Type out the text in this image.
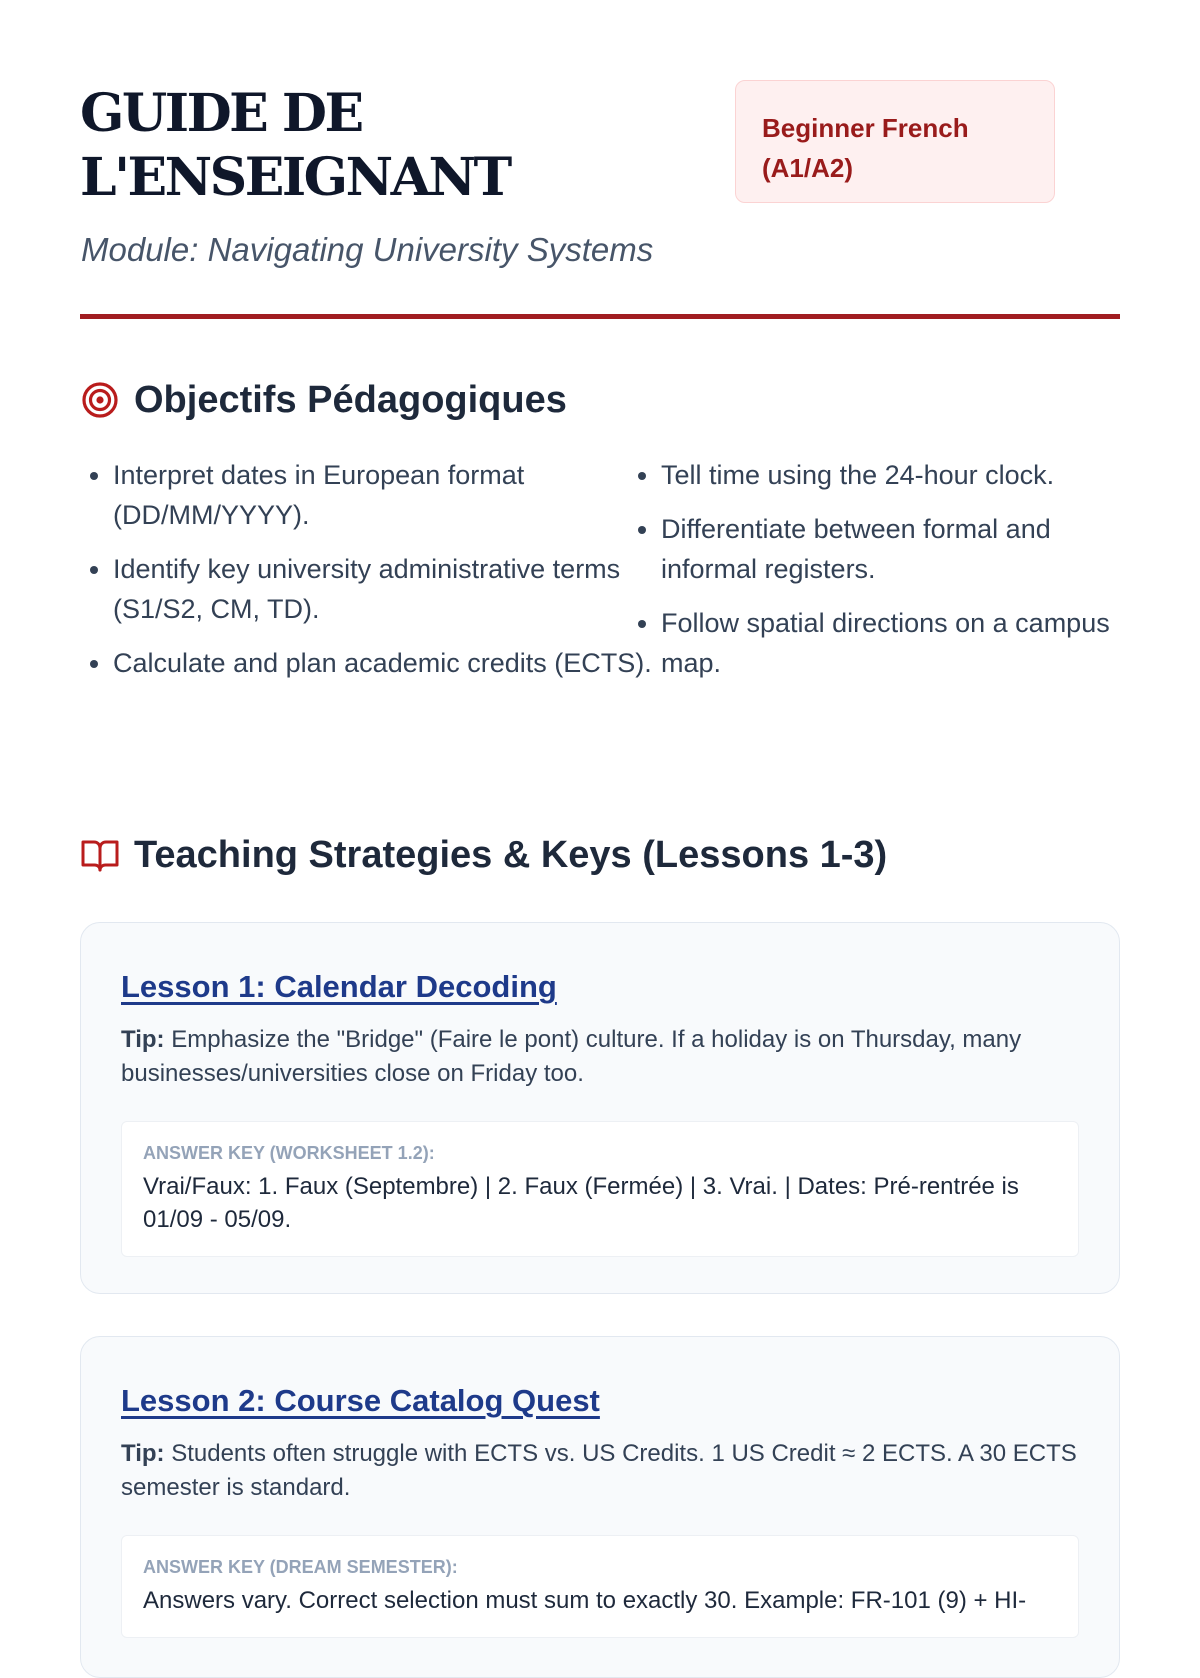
GUIDE DE
L'ENSEIGNANT

Module: Navigating University Systems

Beginner French (A1/A2)
Objectifs Pédagogiques
• Interpret dates in European format (DD/MM/YYYY).
• Identify key university administrative terms (S1/S2, CM, TD).
• Calculate and plan academic credits (ECTS).
• Tell time using the 24-hour clock.
• Differentiate between formal and informal registers.
• Follow spatial directions on a campus map.
Teaching Strategies & Keys (Lessons 1-3)
Lesson 1: Calendar Decoding

Tip: Emphasize the "Bridge" (Faire le pont) culture. If a holiday is on Thursday, many businesses/universities close on Friday too.

ANSWER KEY (WORKSHEET 1.2):
Vrai/Faux: 1. Faux (Septembre) | 2. Faux (Fermée) | 3. Vrai. | Dates: Pré-rentrée is 01/09 - 05/09.
Lesson 2: Course Catalog Quest

Tip: Students often struggle with ECTS vs. US Credits. 1 US Credit ≈ 2 ECTS. A 30 ECTS semester is standard.

ANSWER KEY (DREAM SEMESTER):
Answers vary. Correct selection must sum to exactly 30. Example: FR-101 (9) + HI-
